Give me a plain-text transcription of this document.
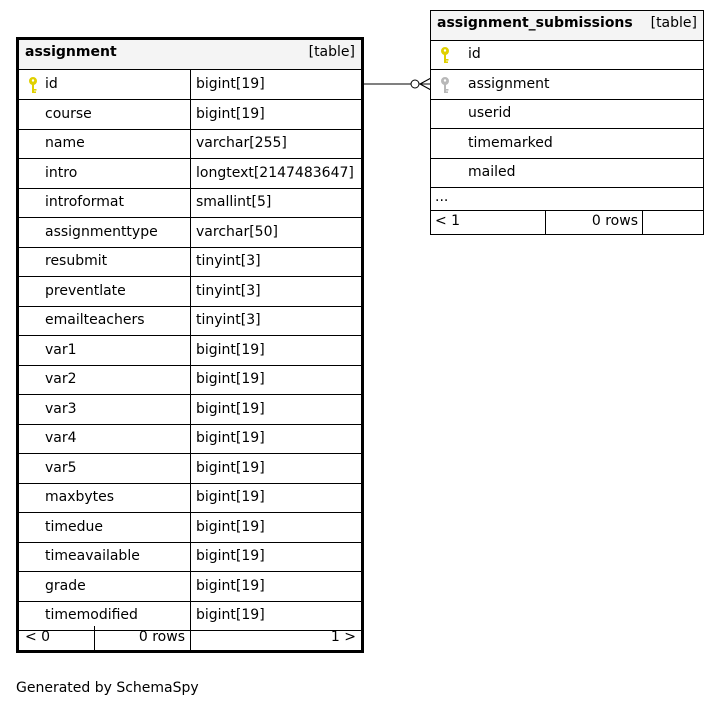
assignment	[table]
id	bigint[19]
course	bigint[19]
name	varchar[255]
intro	longtext[2147483647]
introformat	smallint[5]
assignmenttype	varchar[50]
resubmit	tinyint[3]
preventlate	tinyint[3]
emailteachers	tinyint[3]
var1	bigint[19]
var2	bigint[19]
var3	bigint[19]
var4	bigint[19]
var5	bigint[19]
maxbytes	bigint[19]
timedue	bigint[19]
timeavailable	bigint[19]
grade	bigint[19]
timemodified	bigint[19]
< 0	0 rows	1 >
assignment_submissions [table]
id
assignment
userid
timemarked
mailed
...
< 1	0 rows
Generated by SchemaSpy
